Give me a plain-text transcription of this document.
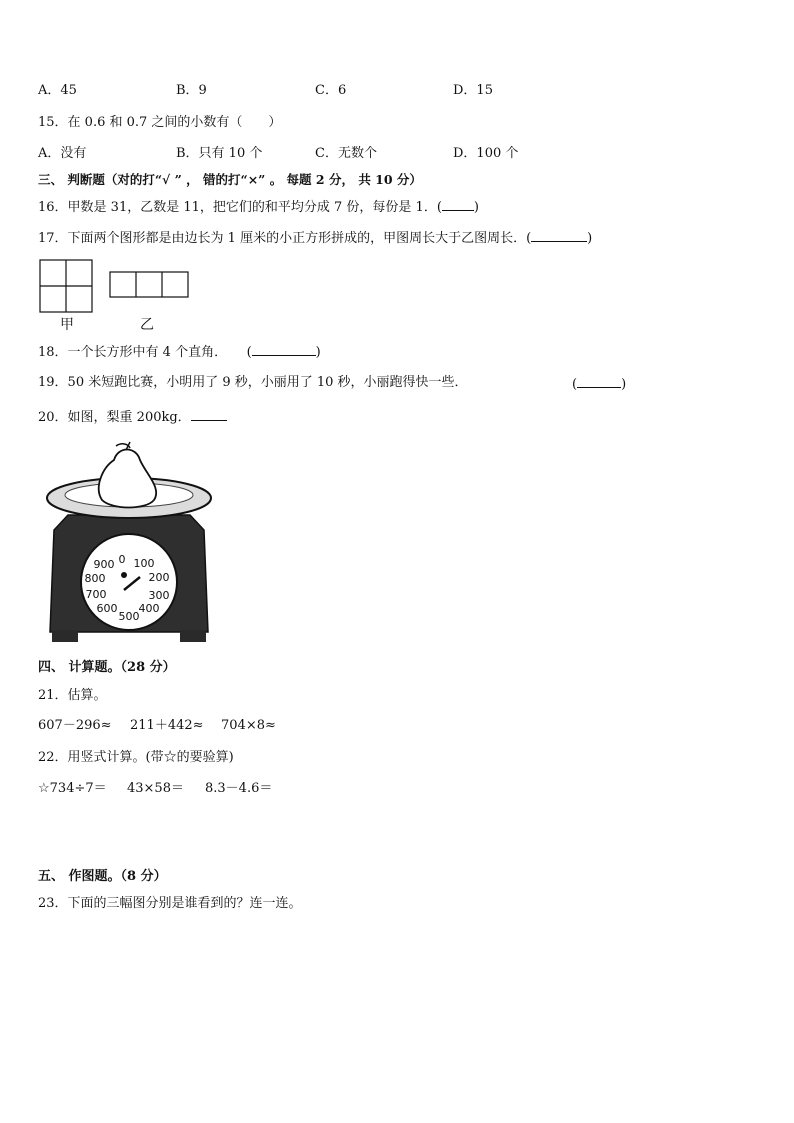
A．45	B．9	C．6	D．15
15．在 0.6 和 0.7 之间的小数有（　　）
A．没有	B．只有 10 个	C．无数个	D．100 个
三、 判断题（对的打“√ ” ， 错的打“×” 。 每题 2 分， 共 10 分）
16．甲数是 31，乙数是 11，把它们的和平均分成 7 份，每份是 1．( )
17．下面两个图形都是由边长为 1 厘米的小正方形拼成的，甲图周长大于乙图周长．(	)
甲	乙
18．一个长方形中有 4 个直角．　　(	)
19．50 米短跑比赛，小明用了 9 秒，小丽用了 10 秒，小丽跑得快一些．	(	)
20．如图，梨重 200kg．
0 100
200
300
400
500
600
700
800
900
四、 计算题。（28 分）
21．估算。
607－296≈ 211＋442≈ 704×8≈
22．用竖式计算。(带☆的要验算)
☆734÷7＝ 43×58＝ 8.3－4.6＝
五、 作图题。（8 分）
23．下面的三幅图分别是谁看到的？连一连。
